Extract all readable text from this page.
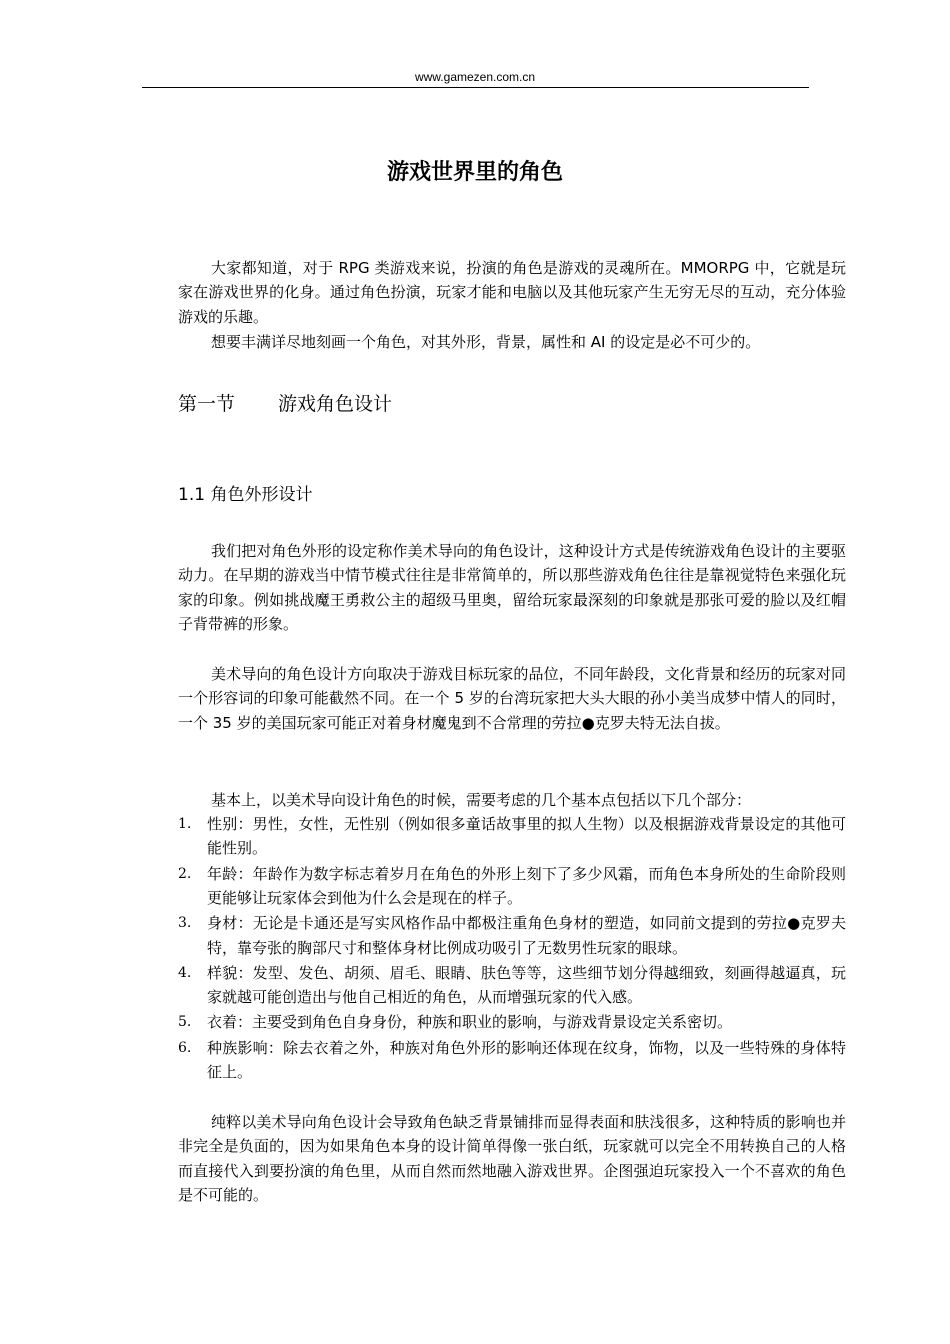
www.gamezen.com.cn
游戏世界里的角色

大家都知道，对于 RPG 类游戏来说，扮演的角色是游戏的灵魂所在。MMORPG 中，它就是玩家在游戏世界的化身。通过角色扮演，玩家才能和电脑以及其他玩家产生无穷无尽的互动，充分体验游戏的乐趣。

想要丰满详尽地刻画一个角色，对其外形，背景，属性和 AI 的设定是必不可少的。

第一节 游戏角色设计
1.1 角色外形设计

我们把对角色外形的设定称作美术导向的角色设计，这种设计方式是传统游戏角色设计的主要驱动力。在早期的游戏当中情节模式往往是非常简单的，所以那些游戏角色往往是靠视觉特色来强化玩家的印象。例如挑战魔王勇救公主的超级马里奥，留给玩家最深刻的印象就是那张可爱的脸以及红帽子背带裤的形象。

美术导向的角色设计方向取决于游戏目标玩家的品位，不同年龄段，文化背景和经历的玩家对同一个形容词的印象可能截然不同。在一个 5 岁的台湾玩家把大头大眼的孙小美当成梦中情人的同时，一个 35 岁的美国玩家可能正对着身材魔鬼到不合常理的劳拉●克罗夫特无法自拔。

基本上，以美术导向设计角色的时候，需要考虑的几个基本点包括以下几个部分：

1. 性别：男性，女性，无性别（例如很多童话故事里的拟人生物）以及根据游戏背景设定的其他可能性别。
2. 年龄：年龄作为数字标志着岁月在角色的外形上刻下了多少风霜，而角色本身所处的生命阶段则更能够让玩家体会到他为什么会是现在的样子。
3. 身材：无论是卡通还是写实风格作品中都极注重角色身材的塑造，如同前文提到的劳拉●克罗夫特，靠夸张的胸部尺寸和整体身材比例成功吸引了无数男性玩家的眼球。
4. 样貌：发型、发色、胡须、眉毛、眼睛、肤色等等，这些细节划分得越细致，刻画得越逼真，玩家就越可能创造出与他自己相近的角色，从而增强玩家的代入感。
5. 衣着：主要受到角色自身身份，种族和职业的影响，与游戏背景设定关系密切。
6. 种族影响：除去衣着之外，种族对角色外形的影响还体现在纹身，饰物，以及一些特殊的身体特征上。

纯粹以美术导向角色设计会导致角色缺乏背景铺排而显得表面和肤浅很多，这种特质的影响也并非完全是负面的，因为如果角色本身的设计简单得像一张白纸，玩家就可以完全不用转换自己的人格而直接代入到要扮演的角色里，从而自然而然地融入游戏世界。企图强迫玩家投入一个不喜欢的角色是不可能的。
